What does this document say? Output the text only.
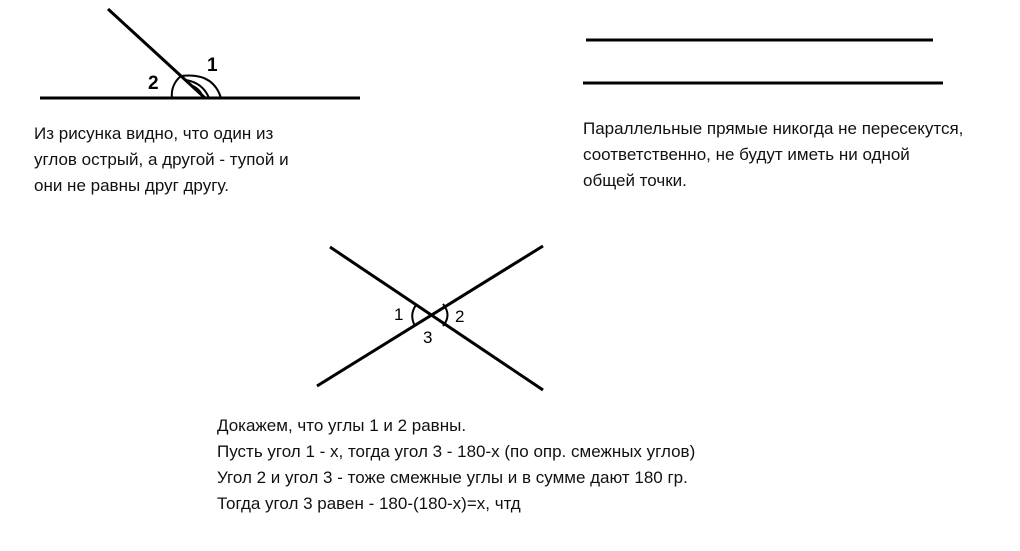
1
2
1	2
3
Из рисунка видно, что один из
углов острый, а другой - тупой и
они не равны друг другу.
Параллельные прямые никогда не пересекутся,
соответственно, не будут иметь ни одной
общей точки.
Докажем, что углы 1 и 2 равны.
Пусть угол 1 - x, тогда угол 3 - 180-x (по опр. смежных углов)
Угол 2 и угол 3 - тоже смежные углы и в сумме дают 180 гр.
Тогда угол 3 равен - 180-(180-x)=x, чтд
